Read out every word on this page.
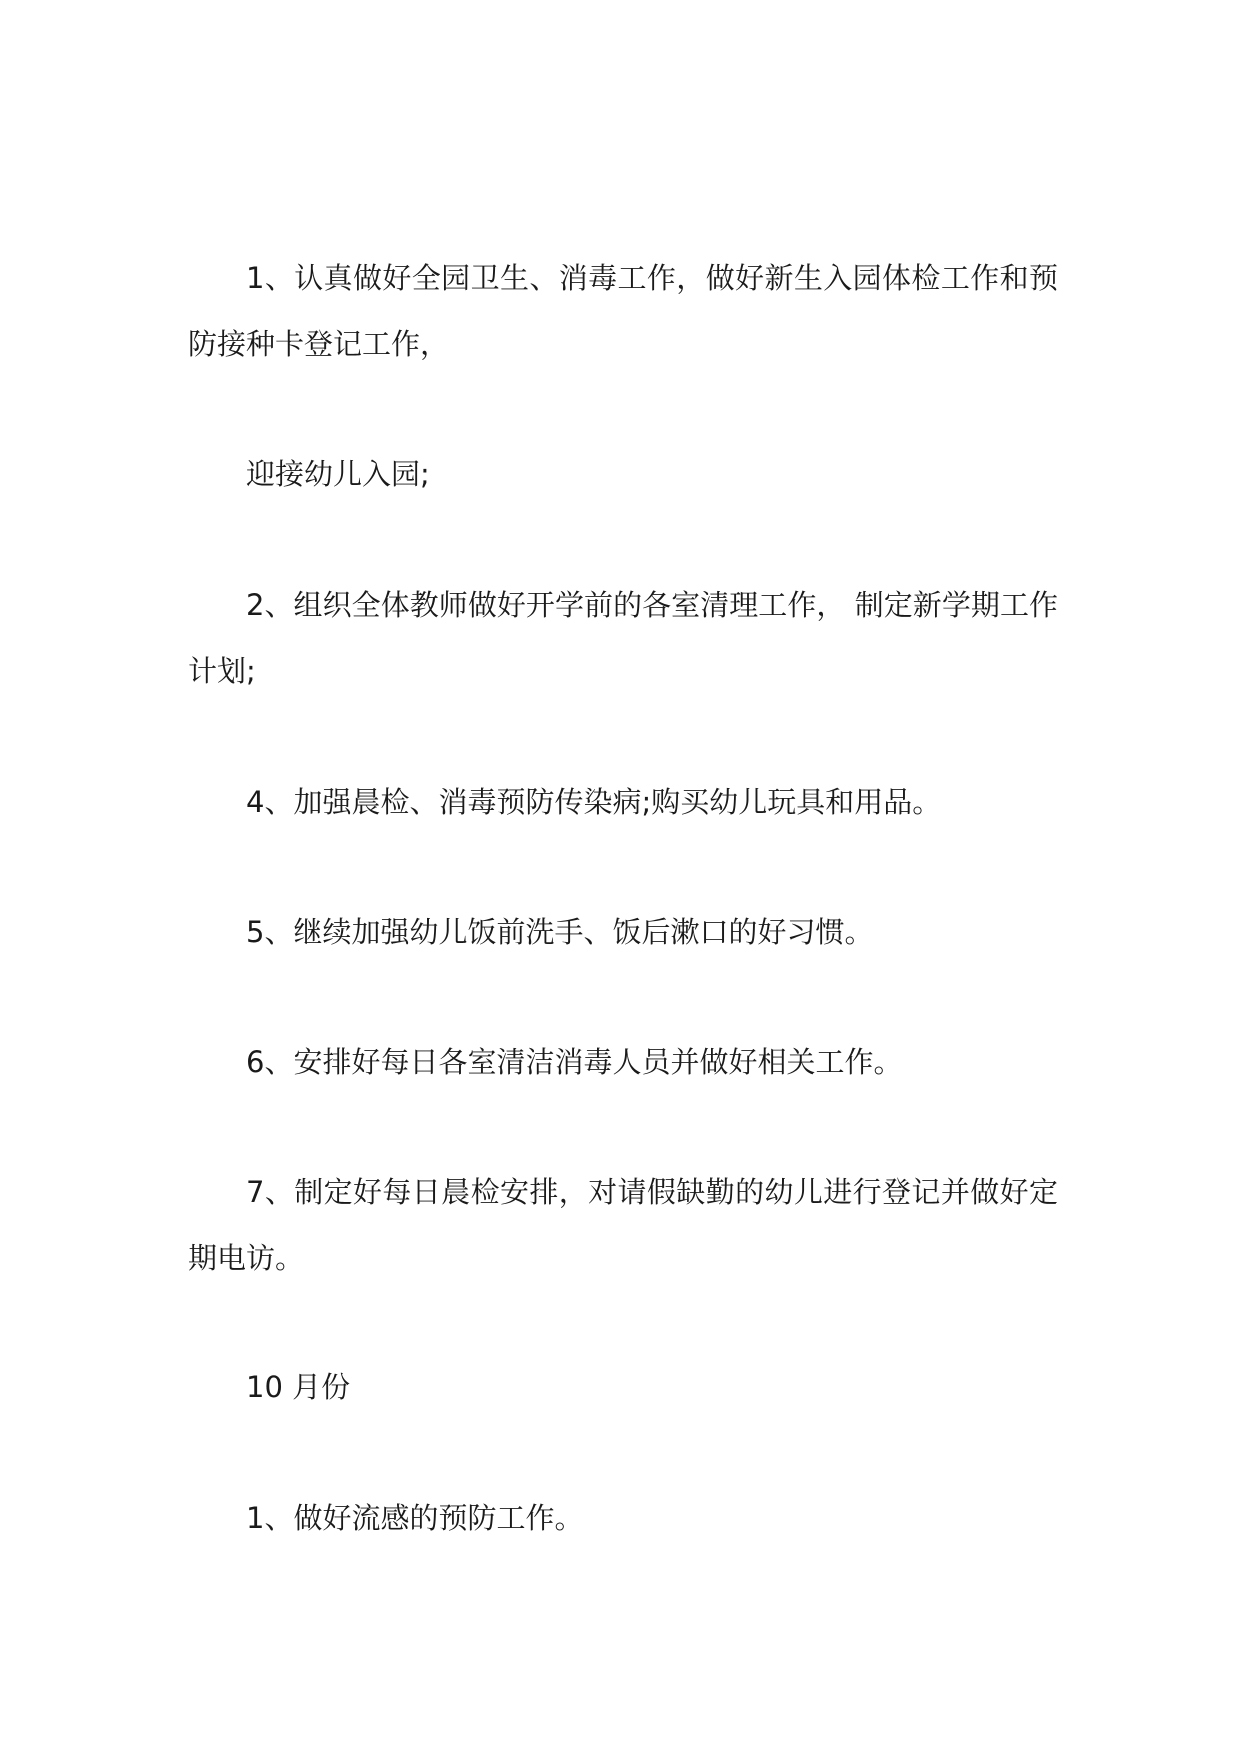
1、认真做好全园卫生、消毒工作，做好新生入园体检工作和预防接种卡登记工作，

迎接幼儿入园;

2、组织全体教师做好开学前的各室清理工作， 制定新学期工作计划;

4、加强晨检、消毒预防传染病;购买幼儿玩具和用品。

5、继续加强幼儿饭前洗手、饭后漱口的好习惯。

6、安排好每日各室清洁消毒人员并做好相关工作。

7、制定好每日晨检安排，对请假缺勤的幼儿进行登记并做好定期电访。

10 月份

1、做好流感的预防工作。
